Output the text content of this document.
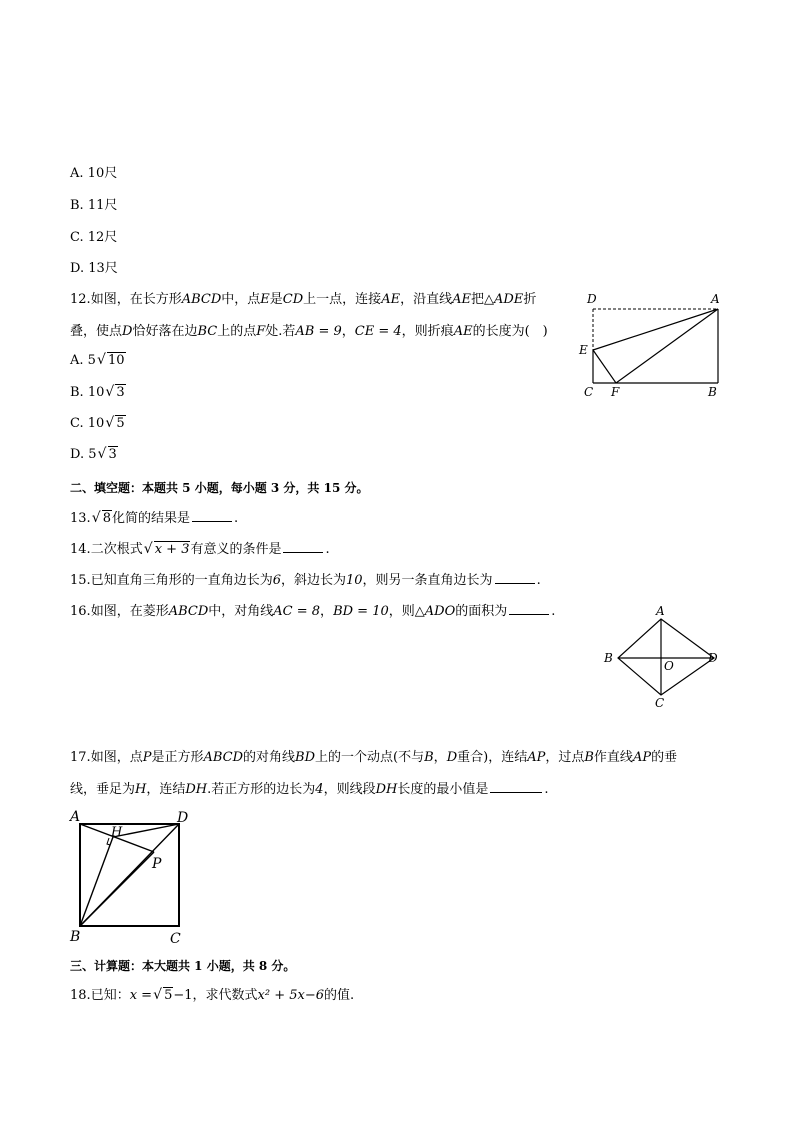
A. 10尺
B. 11尺
C. 12尺
D. 13尺
12.如图，在长方形ABCD中，点E是CD上一点，连接AE，沿直线AE把△ADE折
叠，使点D恰好落在边BC上的点F处.若AB = 9，CE = 4，则折痕AE的长度为(　)
A. 5 √ 10
B. 10 √ 3
C. 10 √ 5
D. 5 √ 3
D	A
E
C F	B
二、填空题：本题共 5 小题，每小题 3 分，共 15 分。
13. √ 8化简的结果是	.
14.二次根式 √ x + 3有意义的条件是	.
15.已知直角三角形的一直角边长为6，斜边长为10，则另一条直角边长为	.
16.如图，在菱形ABCD中，对角线AC = 8，BD = 10，则△ADO的面积为	.	A
B
O
D
C
17.如图，点P是正方形ABCD的对角线BD上的一个动点(不与B，D重合)，连结AP，过点B作直线AP的垂
线，垂足为H，连结DH.若正方形的边长为4，则线段DH长度的最小值是	.
A
H
D
P
B	C
三、计算题：本大题共 1 小题，共 8 分。
18.已知：x = √ 5−1，求代数式x² + 5x−6的值.
